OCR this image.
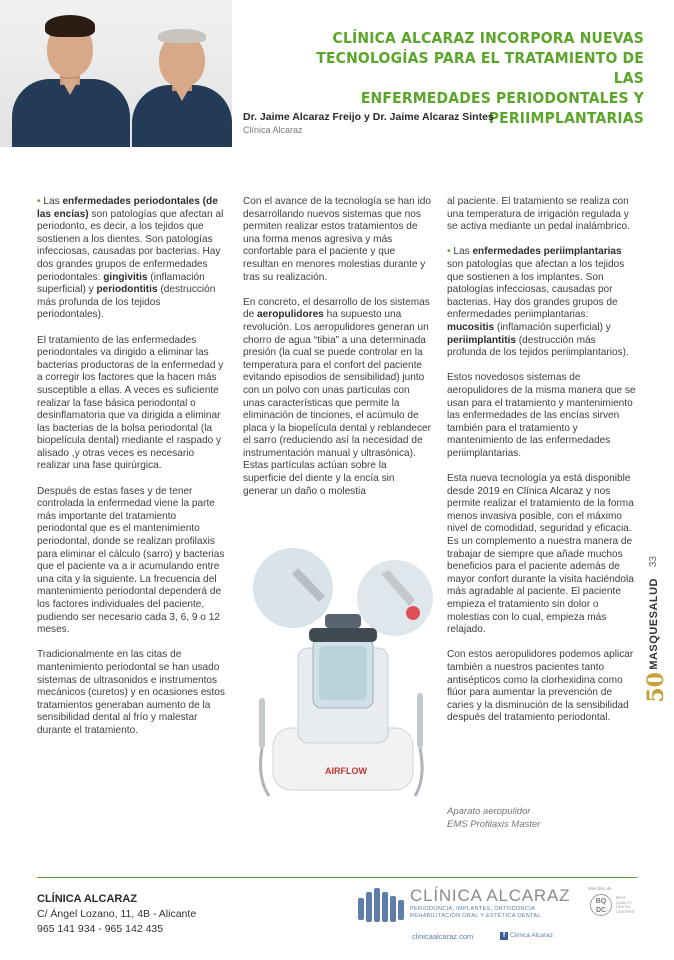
CLÍNICA ALCARAZ INCORPORA NUEVAS
TECNOLOGÍAS PARA EL TRATAMIENTO DE LAS
ENFERMEDADES PERIODONTALES Y PERIIMPLANTARIAS
Dr. Jaime Alcaraz Freijo y Dr. Jaime Alcaraz Sintes
Clínica Alcaraz

• Las enfermedades periodontales (de las encías) son patologías que afectan al periodonto, es decir, a los tejidos que sostienen a los dientes. Son patologías infecciosas, causadas por bacterias. Hay dos grandes grupos de enfermedades periodontales: gingivitis (inflamación superficial) y periodontitis (destrucción más profunda de los tejidos periodontales).

El tratamiento de las enfermedades periodontales va dirigido a eliminar las bacterias productoras de la enfermedad y a corregir los factores que la hacen más susceptible a ellas. A veces es suficiente realizar la fase básica periodontal o desinflamatoria que va dirigida a eliminar las bacterias de la bolsa periodontal (la biopelícula dental) mediante el raspado y alisado ,y otras veces es necesario realizar una fase quirúrgica.

Después de estas fases y de tener controlada la enfermedad viene la parte más importante del tratamiento periodontal que es el mantenimiento periodontal, donde se realizan profilaxis para eliminar el cálculo (sarro) y bacterias que el paciente va a ir acumulando entre una cita y la siguiente. La frecuencia del mantenimiento periodontal dependerá de los factores individuales del paciente, pudiendo ser necesario cada 3, 6, 9 o 12 meses.

Tradicionalmente en las citas de mantenimiento periodontal se han usado sistemas de ultrasonidos e instrumentos mecánicos (curetos) y en ocasiones estos tratamientos generaban aumento de la sensibilidad dental al frío y malestar durante el tratamiento.

Con el avance de la tecnología se han ido desarrollando nuevos sistemas que nos permiten realizar estos tratamientos de una forma menos agresiva y más confortable para el paciente y que resultan en menores molestias durante y tras su realización.

En concreto, el desarrollo de los sistemas de aeropulidores ha supuesto una revolución. Los aeropulidores generan un chorro de agua “tibia” a una determinada presión (la cual se puede controlar en la temperatura para el confort del paciente evitando episodios de sensibilidad) junto con un polvo con unas partículas con unas características que permite la eliminación de tinciones, el acúmulo de placa y la biopelícula dental y reblandecer el sarro (reduciendo así la necesidad de instrumentación manual y ultrasónica). Estas partículas actúan sobre la superficie del diente y la encía sin generar un daño o molestia

al paciente. El tratamiento se realiza con una temperatura de irrigación regulada y se activa mediante un pedal inalámbrico.

• Las enfermedades periimplantarias son patologías que afectan a los tejidos que sostienen a los implantes. Son patologías infecciosas, causadas por bacterias. Hay dos grandes grupos de enfermedades periimplantarias: mucositis (inflamación superficial) y periimplantitis (destrucción más profunda de los tejidos periimplantarios).

Estos novedosos sistemas de aeropulidores de la misma manera que se usan para el tratamiento y mantenimiento las enfermedades de las encías sirven también para el tratamiento y mantenimiento de las enfermedades periimplantarias.

Esta nueva tecnología ya está disponible desde 2019 en Clínica Alcaraz y nos permite realizar el tratamiento de la forma menos invasiva posible, con el máximo nivel de comodidad, seguridad y eficacia. Es un complemento a nuestra manera de trabajar de siempre que añade muchos beneficios para el paciente además de mayor confort durante la visita haciéndola más agradable al paciente. El paciente empieza el tratamiento sin dolor o molestias con lo cual, empieza más relajado.

Con estos aeropulidores podemos aplicar también a nuestros pacientes tanto antisépticos como la clorhexidina como flúor para aumentar la prevención de caries y la disminución de la sensibilidad después del tratamiento periodontal.

AIRFLOW
Aparato aeropulidor
EMS Profilaxis Master
33
MASQUESALUD
50
CLÍNICA ALCARAZ
C/ Ángel Lozano, 11, 4B - Alicante
965 141 934 - 965 142 435
CLÍNICA ALCARAZ
PERIODONCIA, IMPLANTES, ORTODONCIA
REHABILITACIÓN ORAL Y ESTÉTICA DENTAL
clinicaalcaraz.com	f Clínica Alcaraz
Miembro de
BQ DC
BEST QUALITY DENTAL CENTERS
